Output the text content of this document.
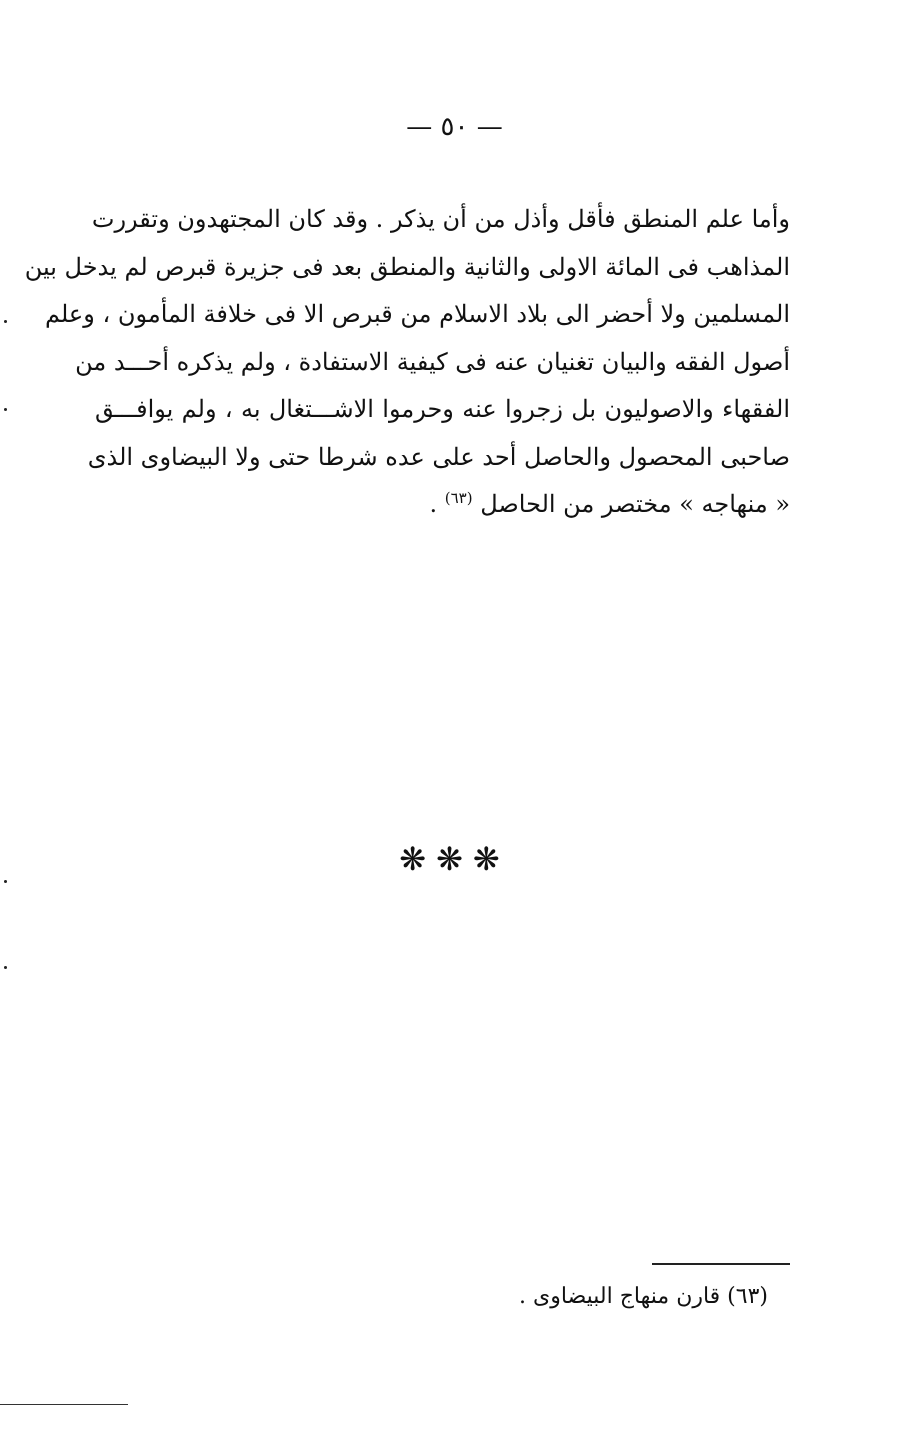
— ٥٠ —
وأما علم المنطق فأقل وأذل من أن يذكر . وقد كان المجتهدون وتقررت
المذاهب فى المائة الاولى والثانية والمنطق بعد فى جزيرة قبرص لم يدخل بين
المسلمين ولا أحضر الى بلاد الاسلام من قبرص الا فى خلافة المأمون ، وعلم
أصول الفقه والبيان تغنيان عنه فى كيفية الاستفادة ، ولم يذكره أحـــد من
الفقهاء والاصوليون بل زجروا عنه وحرموا الاشـــتغال به ، ولم يوافـــق
صاحبى المحصول والحاصل أحد على عده شرطا حتى ولا البيضاوى الذى
« منهاجه » مختصر من الحاصل $^{(٦٣)}$ .
❋❋❋
(٦٣) قارن منهاج البيضاوى .
